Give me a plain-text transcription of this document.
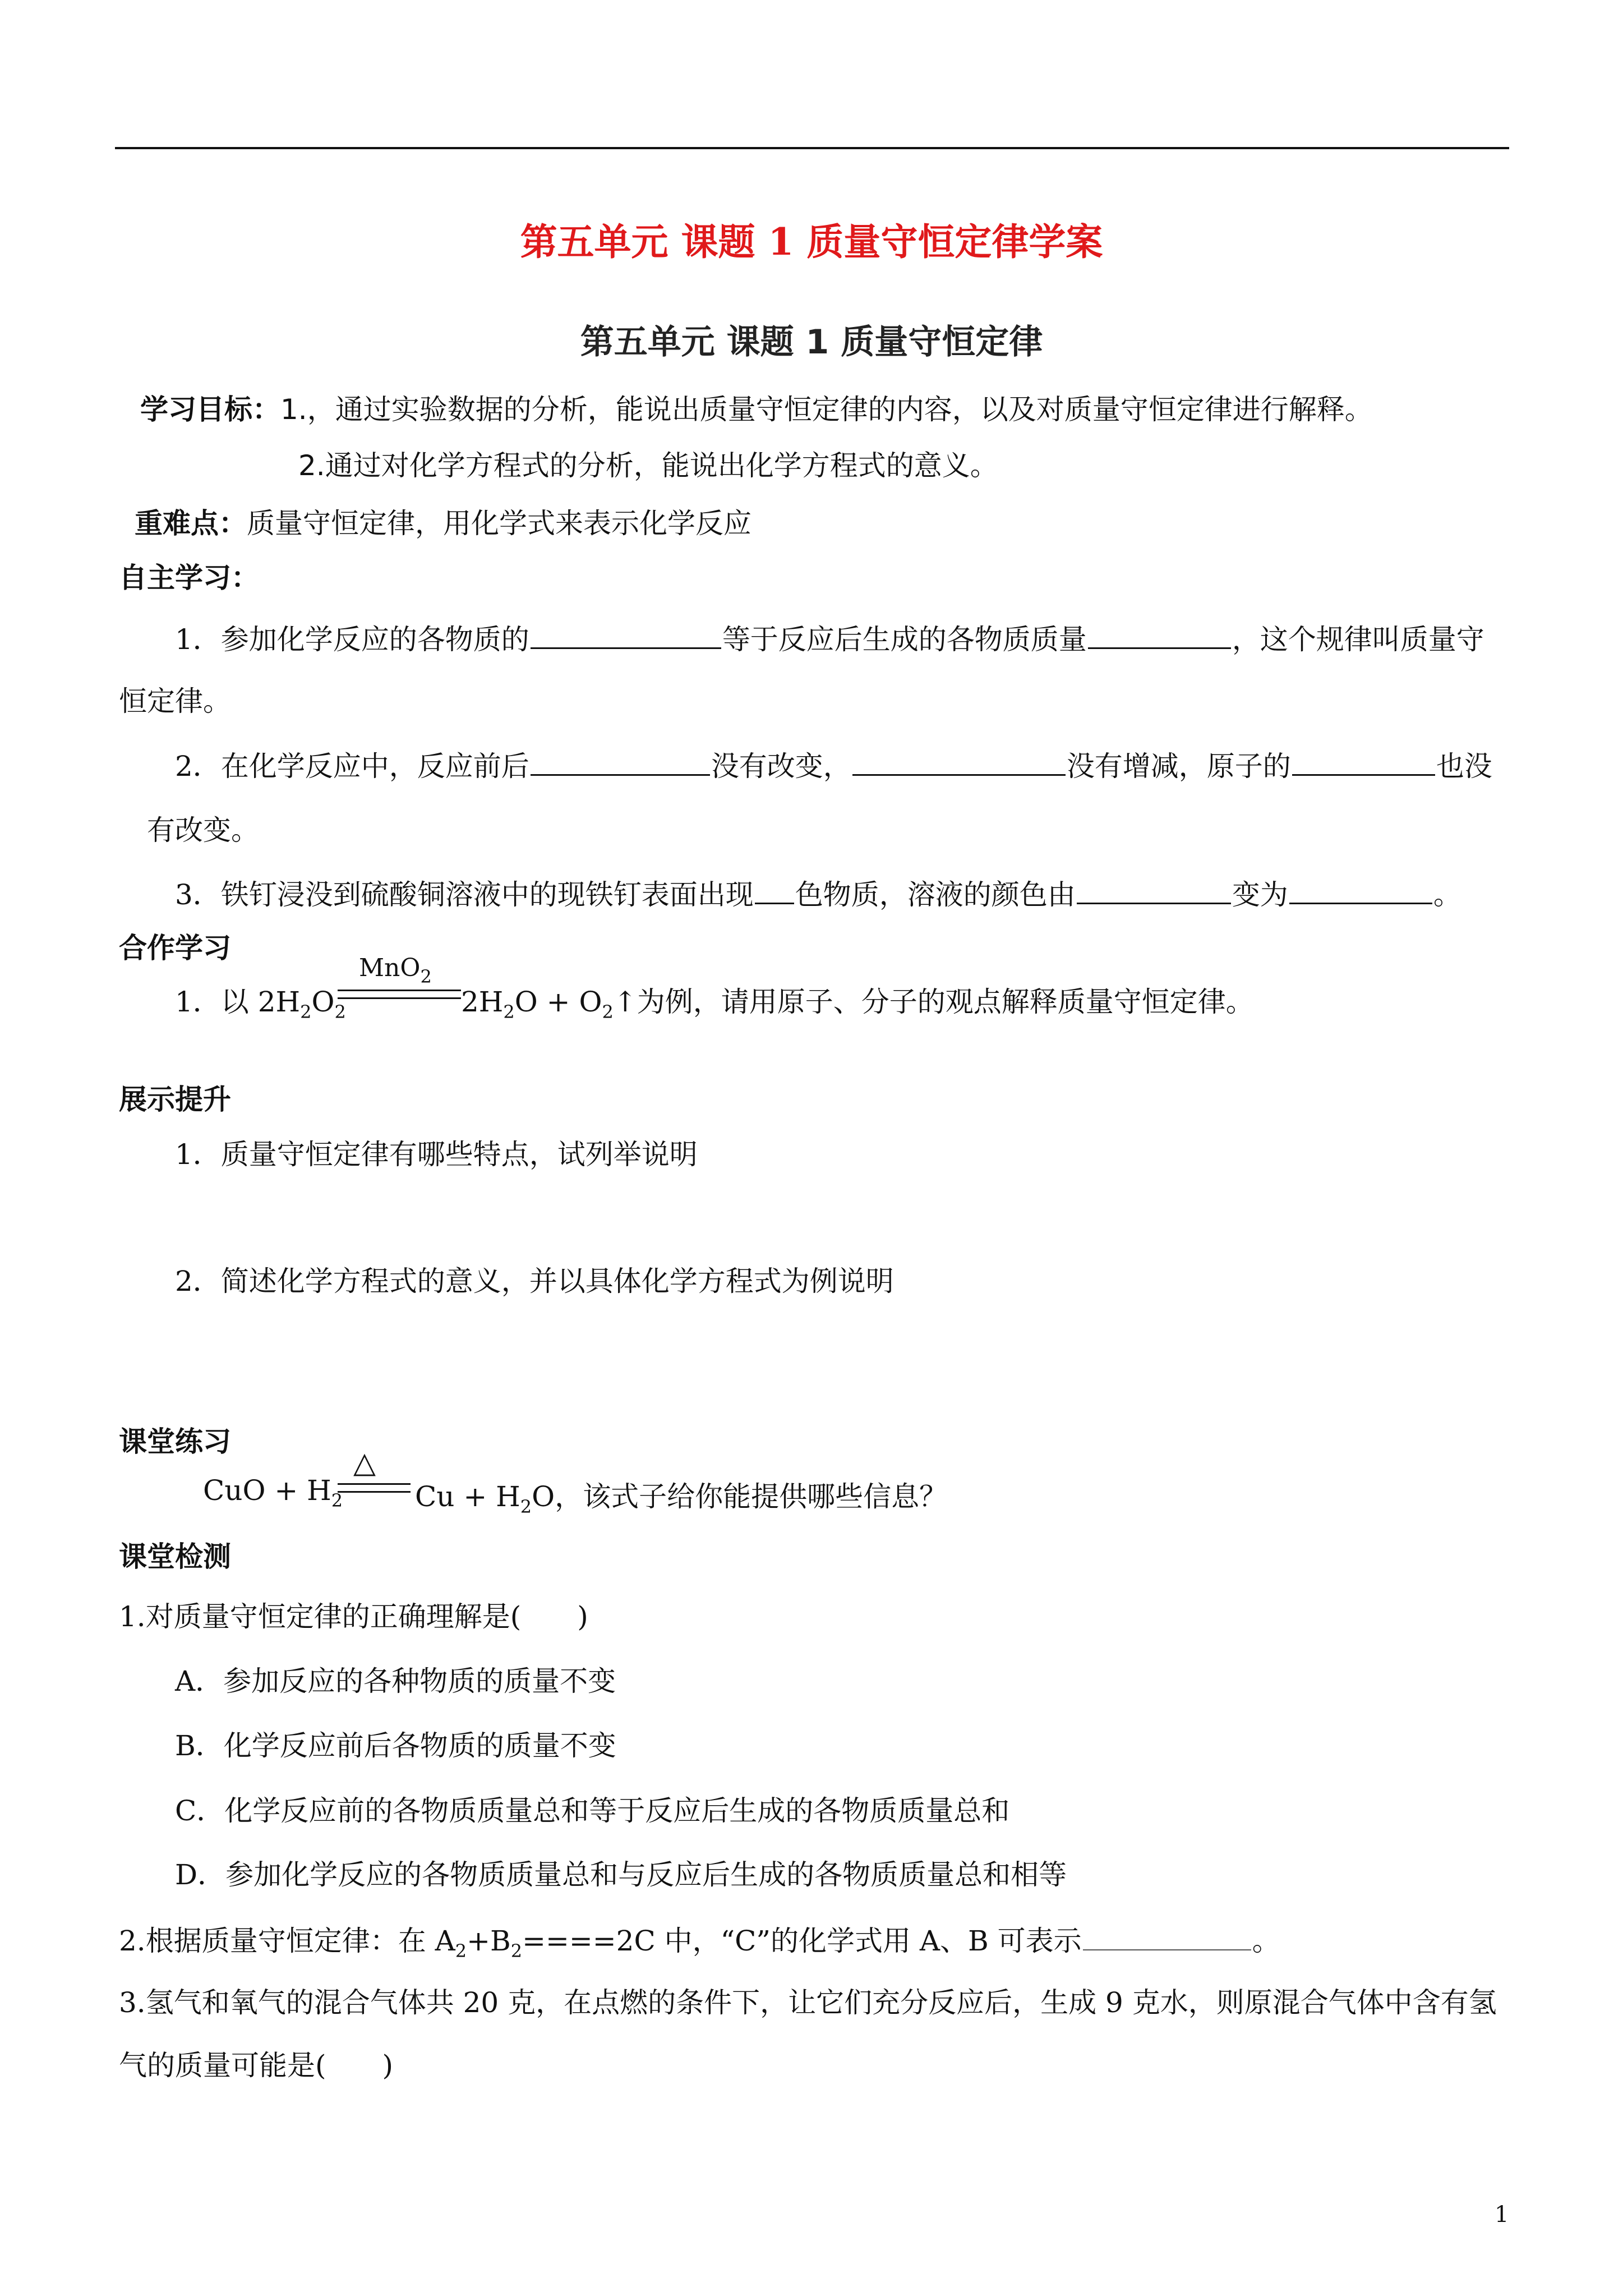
第五单元 课题 1 质量守恒定律学案
第五单元 课题 1 质量守恒定律
学习目标：1.，通过实验数据的分析，能说出质量守恒定律的内容，以及对质量守恒定律进行解释。
2.通过对化学方程式的分析，能说出化学方程式的意义。
重难点：质量守恒定律，用化学式来表示化学反应
自主学习：
1．参加化学反应的各物质的	等于反应后生成的各物质质量	，这个规律叫质量守
恒定律。
2．在化学反应中，反应前后	没有改变，	没有增减，原子的	也没
有改变。
3．铁钉浸没到硫酸铜溶液中的现铁钉表面出现 色物质，溶液的颜色由	变为	。
合作学习
MnO$_2$
1．以 $2H_2O_2$	$2H_2O$ + $O_2↑$为例，请用原子、分子的观点解释质量守恒定律。
展示提升
1．质量守恒定律有哪些特点，试列举说明
2．简述化学方程式的意义，并以具体化学方程式为例说明
课堂练习
△
CuO + $H_2$	$Cu + H_2O$，该式子给你能提供哪些信息？
课堂检测
1.对质量守恒定律的正确理解是(　　)
A．参加反应的各种物质的质量不变
B．化学反应前后各物质的质量不变
C．化学反应前的各物质质量总和等于反应后生成的各物质质量总和
D．参加化学反应的各物质质量总和与反应后生成的各物质质量总和相等
2.根据质量守恒定律：在 $A_2+B_2====2C$ 中，“C”的化学式用 A、B 可表示	。
3.氢气和氧气的混合气体共 20 克，在点燃的条件下，让它们充分反应后，生成 9 克水，则原混合气体中含有氢
气的质量可能是(　　)
1
